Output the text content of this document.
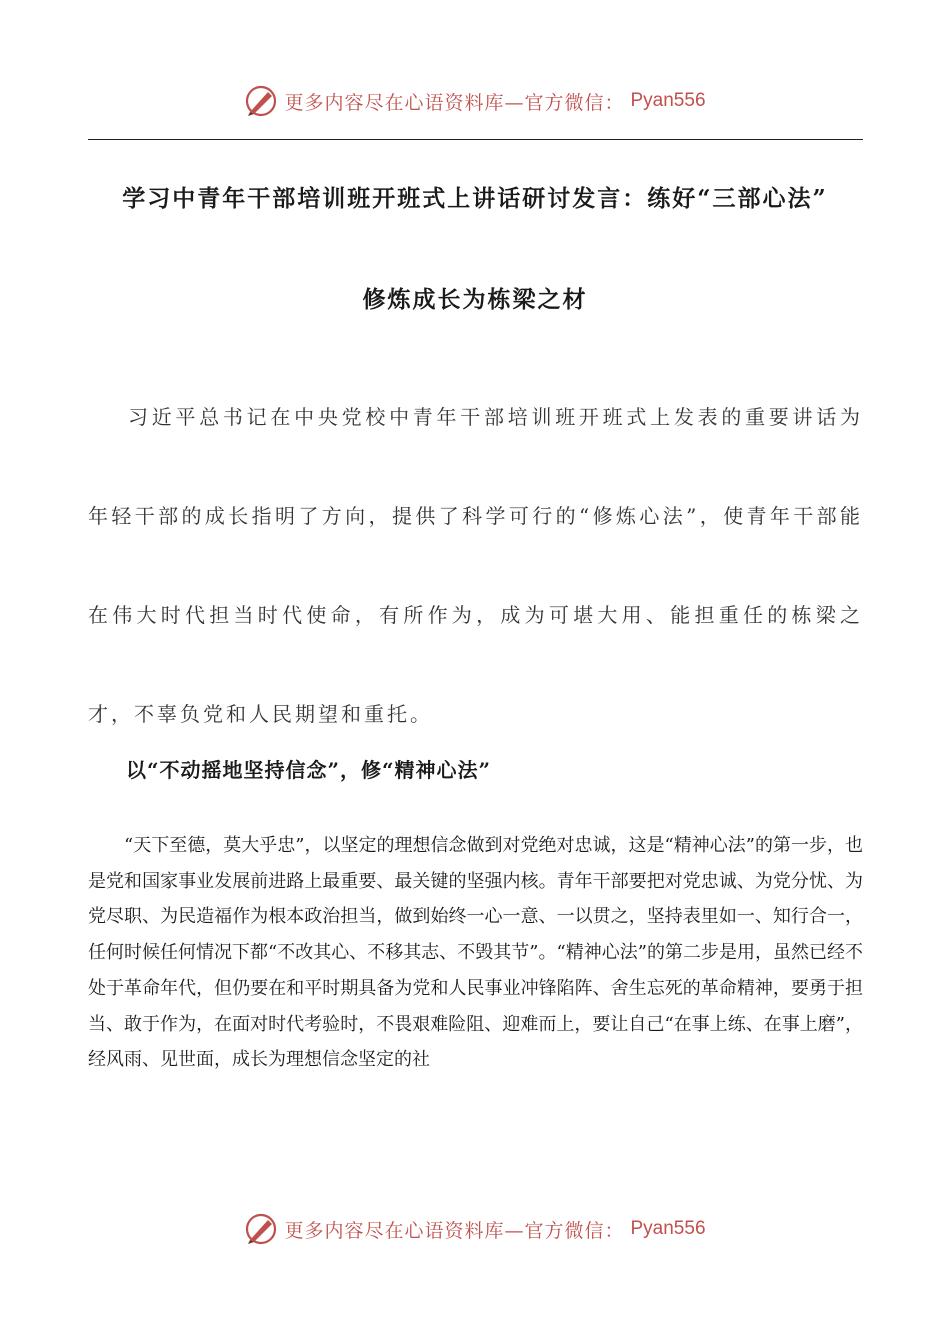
更多内容尽在心语资料库—官方微信： Pyan556
学习中青年干部培训班开班式上讲话研讨发言：练好“三部心法”
修炼成长为栋梁之材

习近平总书记在中央党校中青年干部培训班开班式上发表的重要讲话为年轻干部的成长指明了方向，提供了科学可行的“修炼心法”，使青年干部能在伟大时代担当时代使命，有所作为，成为可堪大用、能担重任的栋梁之才，不辜负党和人民期望和重托。

以“不动摇地坚持信念”，修“精神心法”

“天下至德，莫大乎忠”，以坚定的理想信念做到对党绝对忠诚，这是“精神心法”的第一步，也是党和国家事业发展前进路上最重要、最关键的坚强内核。青年干部要把对党忠诚、为党分忧、为党尽职、为民造福作为根本政治担当，做到始终一心一意、一以贯之，坚持表里如一、知行合一，任何时候任何情况下都“不改其心、不移其志、不毁其节”。“精神心法”的第二步是用，虽然已经不处于革命年代，但仍要在和平时期具备为党和人民事业冲锋陷阵、舍生忘死的革命精神，要勇于担当、敢于作为，在面对时代考验时，不畏艰难险阻、迎难而上，要让自己“在事上练、在事上磨”，经风雨、见世面，成长为理想信念坚定的社

更多内容尽在心语资料库—官方微信： Pyan556
